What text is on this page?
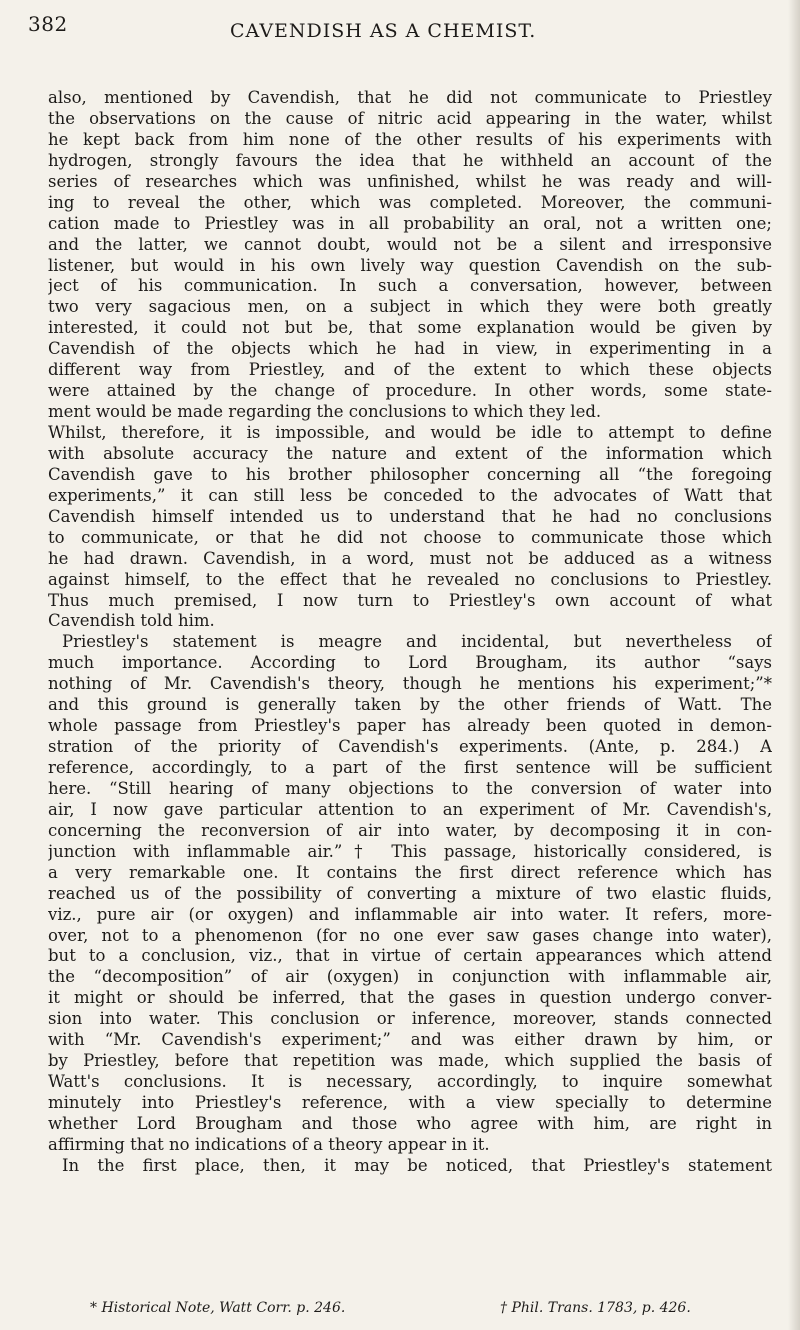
382	CAVENDISH AS A CHEMIST.
also, mentioned by Cavendish, that he did not communicate to Priestley
the observations on the cause of nitric acid appearing in the water, whilst
he kept back from him none of the other results of his experiments with
hydrogen, strongly favours the idea that he withheld an account of the
series of researches which was unfinished, whilst he was ready and will-
ing to reveal the other, which was completed. Moreover, the communi-
cation made to Priestley was in all probability an oral, not a written one;
and the latter, we cannot doubt, would not be a silent and irresponsive
listener, but would in his own lively way question Cavendish on the sub-
ject of his communication. In such a conversation, however, between
two very sagacious men, on a subject in which they were both greatly
interested, it could not but be, that some explanation would be given by
Cavendish of the objects which he had in view, in experimenting in a
different way from Priestley, and of the extent to which these objects
were attained by the change of procedure. In other words, some state-
ment would be made regarding the conclusions to which they led.
Whilst, therefore, it is impossible, and would be idle to attempt to define
with absolute accuracy the nature and extent of the information which
Cavendish gave to his brother philosopher concerning all “the foregoing
experiments,” it can still less be conceded to the advocates of Watt that
Cavendish himself intended us to understand that he had no conclusions
to communicate, or that he did not choose to communicate those which
he had drawn. Cavendish, in a word, must not be adduced as a witness
against himself, to the effect that he revealed no conclusions to Priestley.
Thus much premised, I now turn to Priestley's own account of what
Cavendish told him.
Priestley's statement is meagre and incidental, but nevertheless of
much importance. According to Lord Brougham, its author “says
nothing of Mr. Cavendish's theory, though he mentions his experiment;”*
and this ground is generally taken by the other friends of Watt. The
whole passage from Priestley's paper has already been quoted in demon-
stration of the priority of Cavendish's experiments. (Ante, p. 284.) A
reference, accordingly, to a part of the first sentence will be sufficient
here. “Still hearing of many objections to the conversion of water into
air, I now gave particular attention to an experiment of Mr. Cavendish's,
concerning the reconversion of air into water, by decomposing it in con-
junction with inflammable air.”† This passage, historically considered, is
a very remarkable one. It contains the first direct reference which has
reached us of the possibility of converting a mixture of two elastic fluids,
viz., pure air (or oxygen) and inflammable air into water. It refers, more-
over, not to a phenomenon (for no one ever saw gases change into water),
but to a conclusion, viz., that in virtue of certain appearances which attend
the “decomposition” of air (oxygen) in conjunction with inflammable air,
it might or should be inferred, that the gases in question undergo conver-
sion into water. This conclusion or inference, moreover, stands connected
with “Mr. Cavendish's experiment;” and was either drawn by him, or
by Priestley, before that repetition was made, which supplied the basis of
Watt's conclusions. It is necessary, accordingly, to inquire somewhat
minutely into Priestley's reference, with a view specially to determine
whether Lord Brougham and those who agree with him, are right in
affirming that no indications of a theory appear in it.
In the first place, then, it may be noticed, that Priestley's statement
* Historical Note, Watt Corr. p. 246.	† Phil. Trans. 1783, p. 426.
